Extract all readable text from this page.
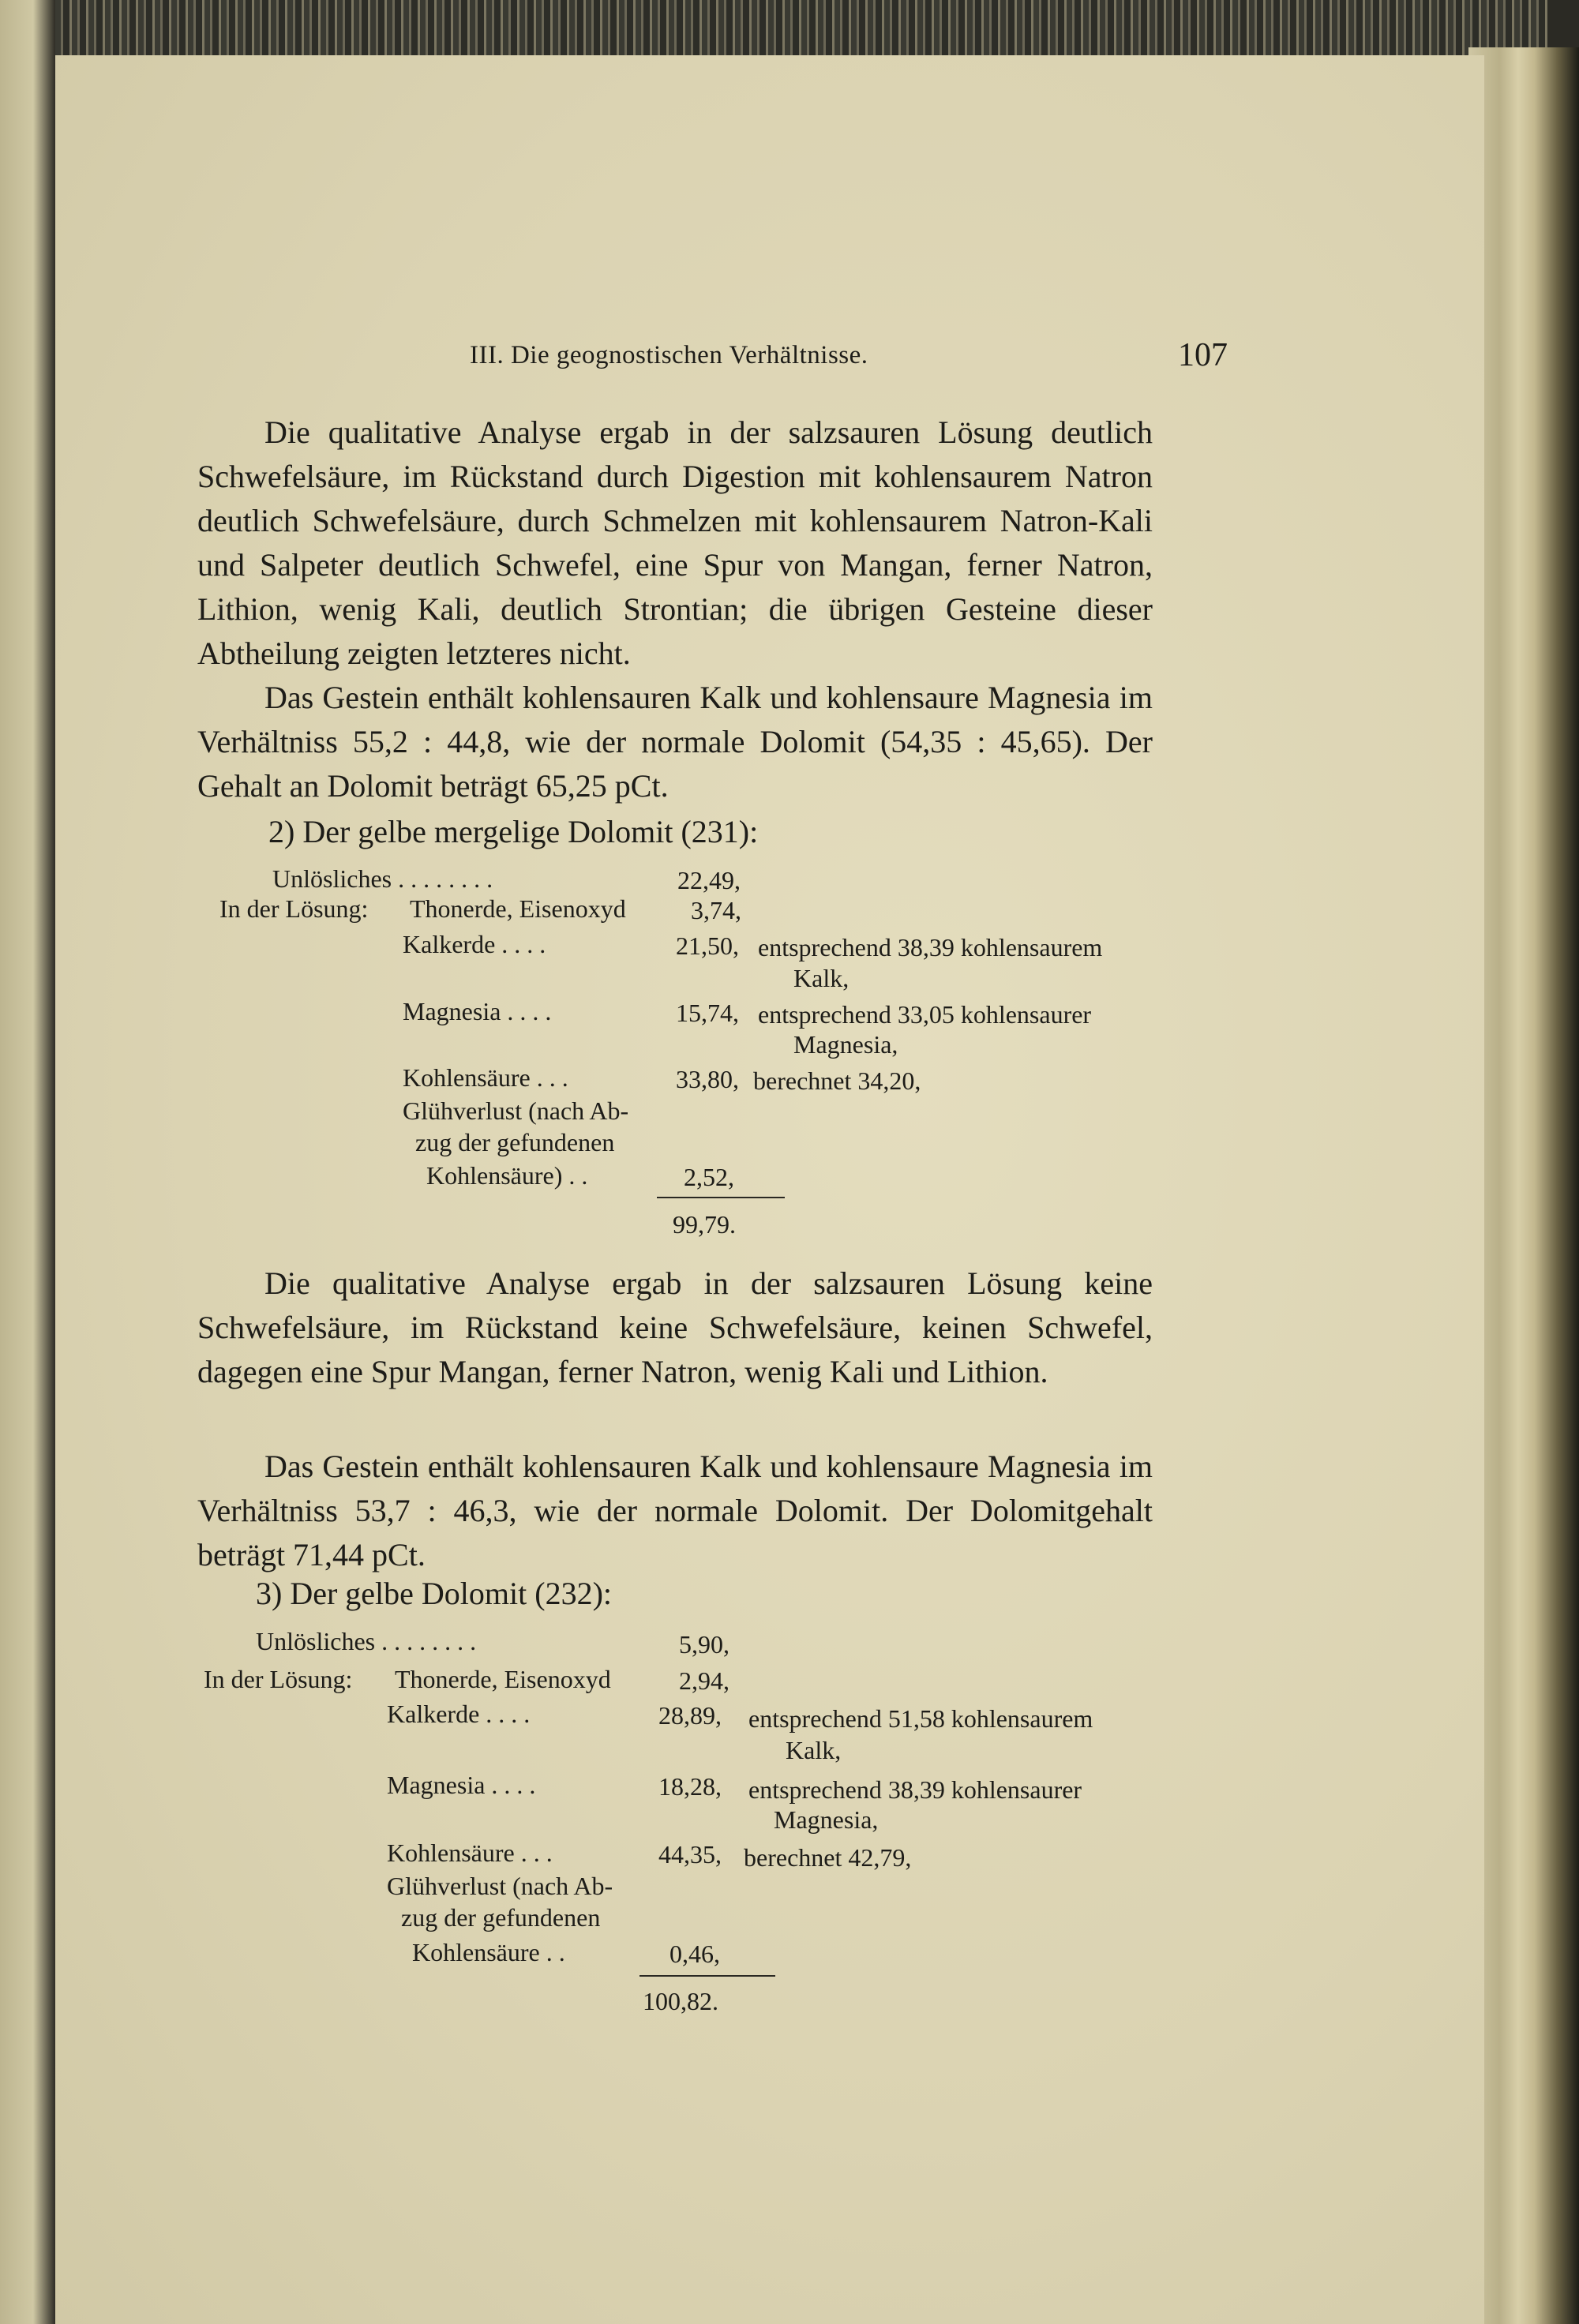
III. Die geognostischen Verhältnisse.	107

Die qualitative Analyse ergab in der salzsauren Lösung deutlich Schwefelsäure, im Rückstand durch Digestion mit kohlensaurem Natron deutlich Schwefelsäure, durch Schmelzen mit kohlensaurem Natron-Kali und Salpeter deutlich Schwefel, eine Spur von Mangan, ferner Natron, Lithion, wenig Kali, deutlich Strontian; die übrigen Gesteine dieser Abtheilung zeigten letzteres nicht.

Das Gestein enthält kohlensauren Kalk und kohlensaure Magnesia im Verhältniss 55,2 : 44,8, wie der normale Dolomit (54,35 : 45,65). Der Gehalt an Dolomit beträgt 65,25 pCt.

2) Der gelbe mergelige Dolomit (231):
Unlösliches . . . . . . . .	22,49,
In der Lösung: Thonerde, Eisenoxyd	3,74,
Kalkerde . . . .	21,50, entsprechend 38,39 kohlensaurem
Kalk,
Magnesia . . . .	15,74, entsprechend 33,05 kohlensaurer
Magnesia,
Kohlensäure . . .	33,80, berechnet 34,20,
Glühverlust (nach Ab-
zug der gefundenen
Kohlensäure) . .	2,52,
99,79.

Die qualitative Analyse ergab in der salzsauren Lösung keine Schwefelsäure, im Rückstand keine Schwefelsäure, keinen Schwefel, dagegen eine Spur Mangan, ferner Natron, wenig Kali und Lithion.

Das Gestein enthält kohlensauren Kalk und kohlensaure Magnesia im Verhältniss 53,7 : 46,3, wie der normale Dolomit. Der Dolomitgehalt beträgt 71,44 pCt.

3) Der gelbe Dolomit (232):
Unlösliches . . . . . . . .	5,90,
In der Lösung: Thonerde, Eisenoxyd	2,94,
Kalkerde . . . .	28,89, entsprechend 51,58 kohlensaurem
Kalk,
Magnesia . . . .	18,28, entsprechend 38,39 kohlensaurer
Magnesia,
Kohlensäure . . .	44,35, berechnet 42,79,
Glühverlust (nach Ab-
zug der gefundenen
Kohlensäure . .	0,46,
100,82.
